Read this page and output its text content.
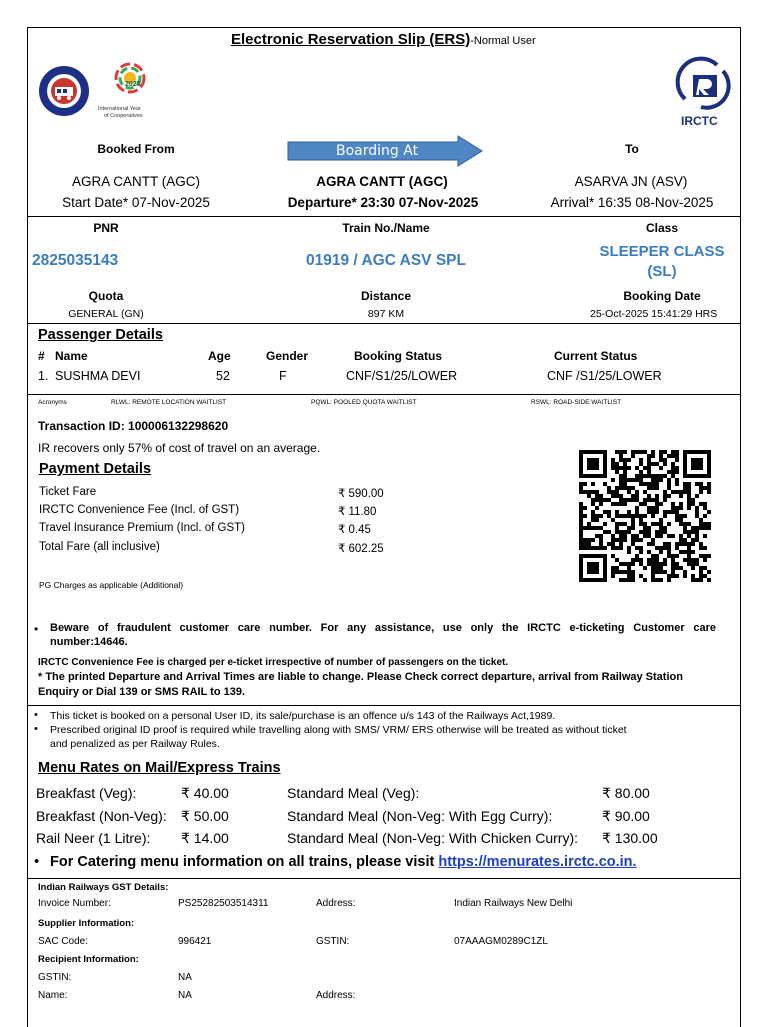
Electronic Reservation Slip (ERS)-Normal User
2025
International Year
of Cooperatives	IRCTC
Booked From	Boarding At	To
AGRA CANTT (AGC)	AGRA CANTT (AGC)	ASARVA JN (ASV)
Start Date* 07-Nov-2025	Departure* 23:30 07-Nov-2025	Arrival* 16:35 08-Nov-2025
PNR	Train No./Name	Class
2825035143	01919 / AGC ASV SPL
SLEEPER CLASS
(SL)
Quota	Distance	Booking Date
GENERAL (GN)	897 KM	25-Oct-2025 15:41:29 HRS
Passenger Details
# Name	Age	Gender	Booking Status	Current Status
1. SUSHMA DEVI	52	F	CNF/S1/25/LOWER	CNF /S1/25/LOWER
Acronyms	RLWL: REMOTE LOCATION WAITLIST	PQWL: POOLED QUOTA WAITLIST	RSWL: ROAD-SIDE WAITLIST
Transaction ID: 100006132298620
IR recovers only 57% of cost of travel on an average.
Payment Details
Ticket Fare	₹ 590.00
IRCTC Convenience Fee (Incl. of GST)	₹ 11.80
Travel Insurance Premium (Incl. of GST)	₹ 0.45
Total Fare (all inclusive)	₹ 602.25
PG Charges as applicable (Additional)
• Beware of fraudulent customer care number. For any assistance, use only the IRCTC e-ticketing Customer care
number:14646.
IRCTC Convenience Fee is charged per e-ticket irrespective of number of passengers on the ticket.
* The printed Departure and Arrival Times are liable to change. Please Check correct departure, arrival from Railway Station
Enquiry or Dial 139 or SMS RAIL to 139.
• This ticket is booked on a personal User ID, its sale/purchase is an offence u/s 143 of the Railways Act,1989.
• Prescribed original ID proof is required while travelling along with SMS/ VRM/ ERS otherwise will be treated as without ticket
and penalized as per Railway Rules.
Menu Rates on Mail/Express Trains
Breakfast (Veg):	₹ 40.00	Standard Meal (Veg):	₹ 80.00
Breakfast (Non-Veg): ₹ 50.00	Standard Meal (Non-Veg: With Egg Curry):	₹ 90.00
Rail Neer (1 Litre): ₹ 14.00	Standard Meal (Non-Veg: With Chicken Curry): ₹ 130.00
• For Catering menu information on all trains, please visit https://menurates.irctc.co.in.
Indian Railways GST Details:
Invoice Number:	PS25282503514311	Address:	Indian Railways New Delhi
Supplier Information:
SAC Code:	996421	GSTIN:	07AAAGM0289C1ZL
Recipient Information:
GSTIN:	NA
Name:	NA	Address:
